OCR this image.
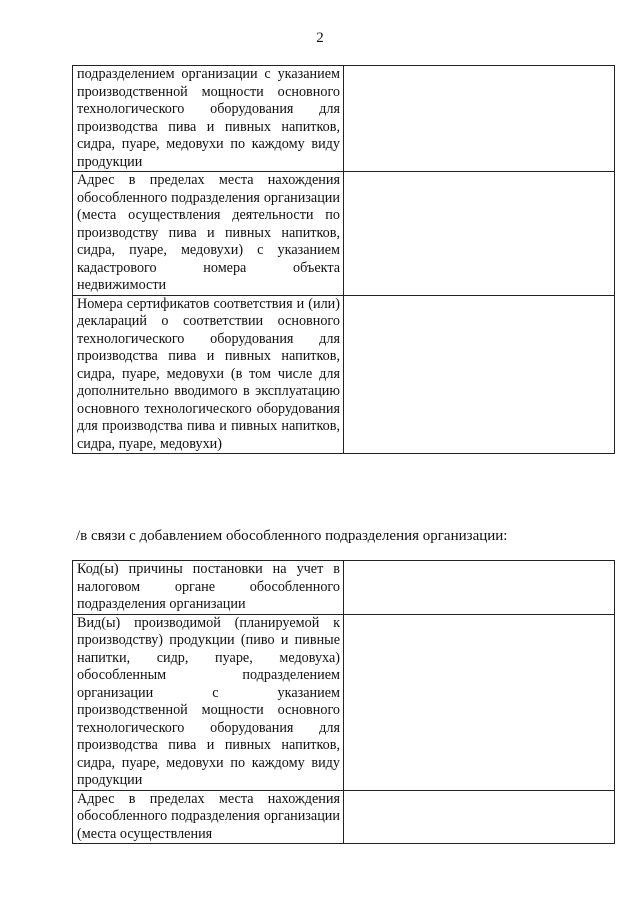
2
подразделением организации с указанием производственной мощности основного технологического оборудования для производства пива и пивных напитков, сидра, пуаре, медовухи по каждому виду продукции	
Адрес в пределах места нахождения обособленного подразделения организации (места осуществления деятельности по производству пива и пивных напитков, сидра, пуаре, медовухи) с указанием кадастрового номера объекта недвижимости	
Номера сертификатов соответствия и (или) деклараций о соответствии основного технологического оборудования для производства пива и пивных напитков, сидра, пуаре, медовухи (в том числе для дополнительно вводимого в эксплуатацию основного технологического оборудования для производства пива и пивных напитков, сидра, пуаре, медовухи)	
/в связи с добавлением обособленного подразделения организации:
Код(ы) причины постановки на учет в налоговом органе обособленного подразделения организации	
Вид(ы) производимой (планируемой к производству) продукции (пиво и пивные напитки, сидр, пуаре, медовуха) обособленным подразделением организации с указанием производственной мощности основного технологического оборудования для производства пива и пивных напитков, сидра, пуаре, медовухи по каждому виду продукции	
Адрес в пределах места нахождения обособленного подразделения организации (места осуществления	
